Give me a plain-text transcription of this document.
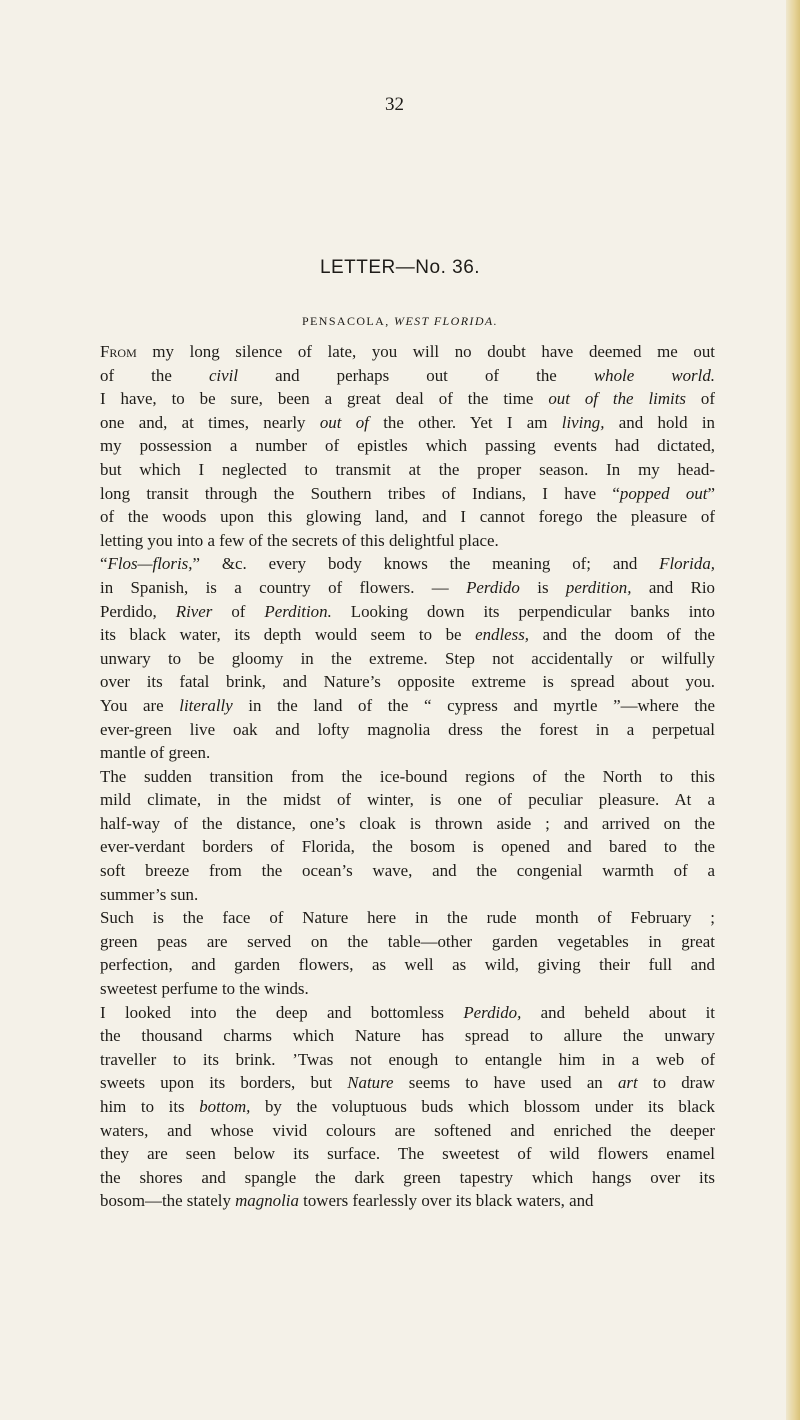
32
LETTER—No. 36.
PENSACOLA, WEST FLORIDA.
From my long silence of late, you will no doubt have deemed me out
of the civil and perhaps out of the whole world.
I have, to be sure, been a great deal of the time out of the limits of
one and, at times, nearly out of the other. Yet I am living, and hold in
my possession a number of epistles which passing events had dictated,
but which I neglected to transmit at the proper season. In my head-
long transit through the Southern tribes of Indians, I have “popped out”
of the woods upon this glowing land, and I cannot forego the pleasure of
letting you into a few of the secrets of this delightful place.
“Flos—floris,” &c. every body knows the meaning of; and Florida,
in Spanish, is a country of flowers. — Perdido is perdition, and Rio
Perdido, River of Perdition. Looking down its perpendicular banks into
its black water, its depth would seem to be endless, and the doom of the
unwary to be gloomy in the extreme. Step not accidentally or wilfully
over its fatal brink, and Nature’s opposite extreme is spread about you.
You are literally in the land of the “ cypress and myrtle ”—where the
ever-green live oak and lofty magnolia dress the forest in a perpetual
mantle of green.
The sudden transition from the ice-bound regions of the North to this
mild climate, in the midst of winter, is one of peculiar pleasure. At a
half-way of the distance, one’s cloak is thrown aside ; and arrived on the
ever-verdant borders of Florida, the bosom is opened and bared to the
soft breeze from the ocean’s wave, and the congenial warmth of a
summer’s sun.
Such is the face of Nature here in the rude month of February ;
green peas are served on the table—other garden vegetables in great
perfection, and garden flowers, as well as wild, giving their full and
sweetest perfume to the winds.
I looked into the deep and bottomless Perdido, and beheld about it
the thousand charms which Nature has spread to allure the unwary
traveller to its brink. ’Twas not enough to entangle him in a web of
sweets upon its borders, but Nature seems to have used an art to draw
him to its bottom, by the voluptuous buds which blossom under its black
waters, and whose vivid colours are softened and enriched the deeper
they are seen below its surface. The sweetest of wild flowers enamel
the shores and spangle the dark green tapestry which hangs over its
bosom—the stately magnolia towers fearlessly over its black waters, and
